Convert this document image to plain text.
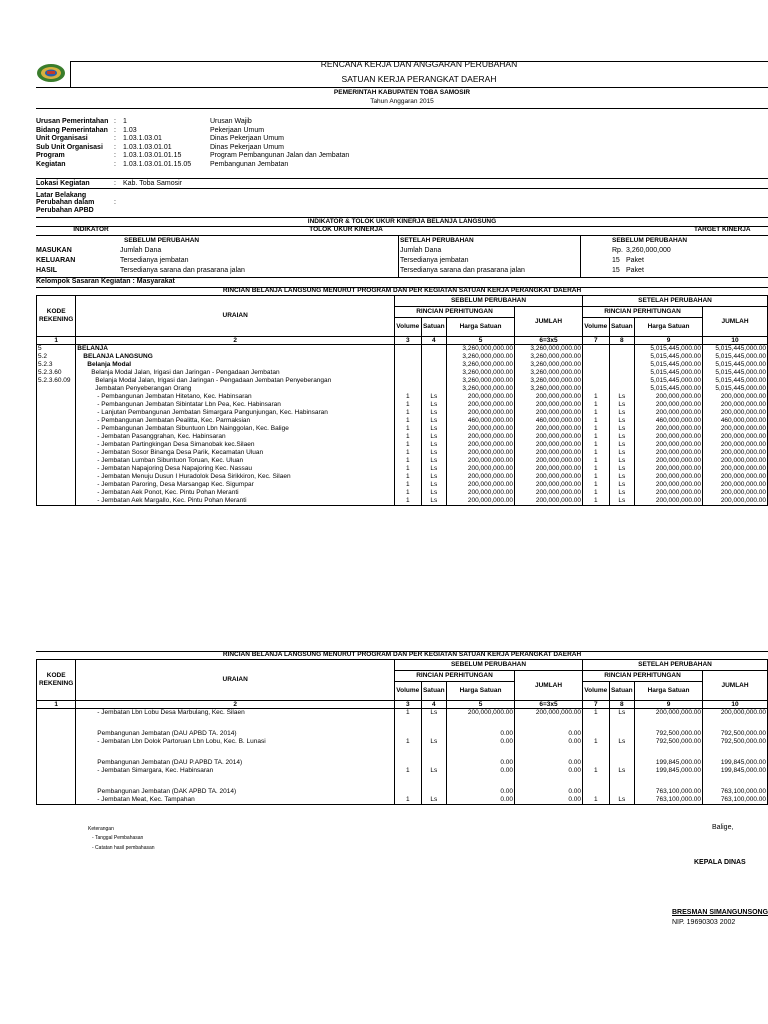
RENCANA KERJA DAN ANGGARAN PERUBAHAN
SATUAN KERJA PERANGKAT DAERAH
PEMERINTAH KABUPATEN TOBA SAMOSIR
Tahun Anggaran 2015
Urusan Pemerintahan : 1	Urusan Wajib
Bidang Pemerintahan : 1.03	Pekerjaan Umum
Unit Organisasi	: 1.03.1.03.01	Dinas Pekerjaan Umum
Sub Unit Organisasi : 1.03.1.03.01.01	Dinas Pekerjaan Umum
Program	: 1.03.1.03.01.01.15	Program Pembangunan Jalan dan Jembatan
Kegiatan	: 1.03.1.03.01.01.15.05	Pembangunan Jembatan
Lokasi Kegiatan	: Kab. Toba Samosir
Latar Belakang
Perubahan dalam	:
Perubahan APBD
INDIKATOR & TOLOK UKUR KINERJA BELANJA LANGSUNG
INDIKATOR	TOLOK UKUR KINERJA	TARGET KINERJA
SEBELUM PERUBAHAN	SETELAH PERUBAHAN	SEBELUM PERUBAHAN
MASUKAN	Jumlah Dana	Jumlah Dana	Rp. 3,260,000,000
KELUARAN	Tersedianya jembatan	Tersedianya jembatan	15 Paket
HASIL	Tersedianya sarana dan prasarana jalan	Tersedianya sarana dan prasarana jalan	15 Paket
Kelompok Sasaran Kegiatan : Masyarakat
RINCIAN BELANJA LANGSUNG MENURUT PROGRAM DAN PER KEGIATAN SATUAN KERJA PERANGKAT DAERAH
KODE REKENING	URAIAN	SEBELUM PERUBAHAN				SETELAH PERUBAHAN			
		RINCIAN PERHITUNGAN			JUMLAH	RINCIAN PERHITUNGAN			JUMLAH
		Volume	Satuan	Harga Satuan		Volume	Satuan	Harga Satuan	
1	2	3	4	5	6=3x5	7	8	9	10
5	BELANJA			3,260,000,000.00	3,260,000,000.00			5,015,445,000.00	5,015,445,000.00
5.2	BELANJA LANGSUNG			3,260,000,000.00	3,260,000,000.00			5,015,445,000.00	5,015,445,000.00
5.2.3	Belanja Modal			3,260,000,000.00	3,260,000,000.00			5,015,445,000.00	5,015,445,000.00
5.2.3.60	Belanja Modal Jalan, Irigasi dan Jaringan - Pengadaan Jembatan			3,260,000,000.00	3,260,000,000.00			5,015,445,000.00	5,015,445,000.00
5.2.3.60.09	Belanja Modal Jalan, Irigasi dan Jaringan - Pengadaan Jembatan Penyeberangan			3,260,000,000.00	3,260,000,000.00			5,015,445,000.00	5,015,445,000.00
	Jembatan Penyeberangan Orang			3,260,000,000.00	3,260,000,000.00			5,015,445,000.00	5,015,445,000.00
	- Pembangunan Jembatan Hitetano, Kec. Habinsaran	1	Ls	200,000,000.00	200,000,000.00	1	Ls	200,000,000.00	200,000,000.00
	- Pembangunan Jembatan Sibintatar Lbn Pea, Kec. Habinsaran	1	Ls	200,000,000.00	200,000,000.00	1	Ls	200,000,000.00	200,000,000.00
	- Lanjutan Pembangunan Jembatan Simargara Pangunjungan, Kec. Habinsaran	1	Ls	200,000,000.00	200,000,000.00	1	Ls	200,000,000.00	200,000,000.00
	- Pembangunan Jembatan Pealitta, Kec. Parmaksian	1	Ls	460,000,000.00	460,000,000.00	1	Ls	460,000,000.00	460,000,000.00
	- Pembangunan Jembatan Sibuntuon Lbn Nainggolan, Kec. Balige	1	Ls	200,000,000.00	200,000,000.00	1	Ls	200,000,000.00	200,000,000.00
	- Jembatan Pasanggrahan, Kec. Habinsaran	1	Ls	200,000,000.00	200,000,000.00	1	Ls	200,000,000.00	200,000,000.00
	- Jembatan Partingkingan Desa Simanobak kec.Silaen	1	Ls	200,000,000.00	200,000,000.00	1	Ls	200,000,000.00	200,000,000.00
	- Jembatan Sosor Binanga Desa Parik, Kecamatan Uluan	1	Ls	200,000,000.00	200,000,000.00	1	Ls	200,000,000.00	200,000,000.00
	- Jembatan Lumban Sibuntuon Toruan, Kec. Uluan	1	Ls	200,000,000.00	200,000,000.00	1	Ls	200,000,000.00	200,000,000.00
	- Jembatan Napajoring Desa Napajoring Kec. Nassau	1	Ls	200,000,000.00	200,000,000.00	1	Ls	200,000,000.00	200,000,000.00
	- Jembatan Menuju Dusun I Huradolok Desa Sirikkiron, Kec. Silaen	1	Ls	200,000,000.00	200,000,000.00	1	Ls	200,000,000.00	200,000,000.00
	- Jembatan Paroring, Desa Marsangap Kec. Sigumpar	1	Ls	200,000,000.00	200,000,000.00	1	Ls	200,000,000.00	200,000,000.00
	- Jembatan Aek Ponot, Kec. Pintu Pohan Meranti	1	Ls	200,000,000.00	200,000,000.00	1	Ls	200,000,000.00	200,000,000.00
	- Jembatan Aek Margallo, Kec. Pintu Pohan Meranti	1	Ls	200,000,000.00	200,000,000.00	1	Ls	200,000,000.00	200,000,000.00
RINCIAN BELANJA LANGSUNG MENURUT PROGRAM DAN PER KEGIATAN SATUAN KERJA PERANGKAT DAERAH
KODE REKENING	URAIAN	SEBELUM PERUBAHAN				SETELAH PERUBAHAN			
		RINCIAN PERHITUNGAN			JUMLAH	RINCIAN PERHITUNGAN			JUMLAH
		Volume	Satuan	Harga Satuan		Volume	Satuan	Harga Satuan	
1	2	3	4	5	6=3x5	7	8	9	10
	- Jembatan Lbn Lobu Desa Marbulang, Kec. Silaen	1	Ls	200,000,000.00	200,000,000.00	1	Ls	200,000,000.00	200,000,000.00

	Pembangunan Jembatan (DAU APBD TA. 2014)			0.00	0.00			792,500,000.00	792,500,000.00
	- Jembatan Lbn Dolok Partoruan Lbn Lobu, Kec. B. Lunasi	1	Ls	0.00	0.00	1	Ls	792,500,000.00	792,500,000.00

	Pembangunan Jembatan (DAU P.APBD TA. 2014)			0.00	0.00			199,845,000.00	199,845,000.00
	- Jembatan Simargara, Kec. Habinsaran	1	Ls	0.00	0.00	1	Ls	199,845,000.00	199,845,000.00

	Pembangunan Jembatan (DAK APBD TA. 2014)			0.00	0.00			763,100,000.00	763,100,000.00
	- Jembatan Meat, Kec. Tampahan	1	Ls	0.00	0.00	1	Ls	763,100,000.00	763,100,000.00
Keterangan
- Tanggal Pembahasan
- Catatan hasil pembahasan
Balige,
KEPALA DINAS
BRESMAN SIMANGUNSONG
NIP. 19690303 2002
